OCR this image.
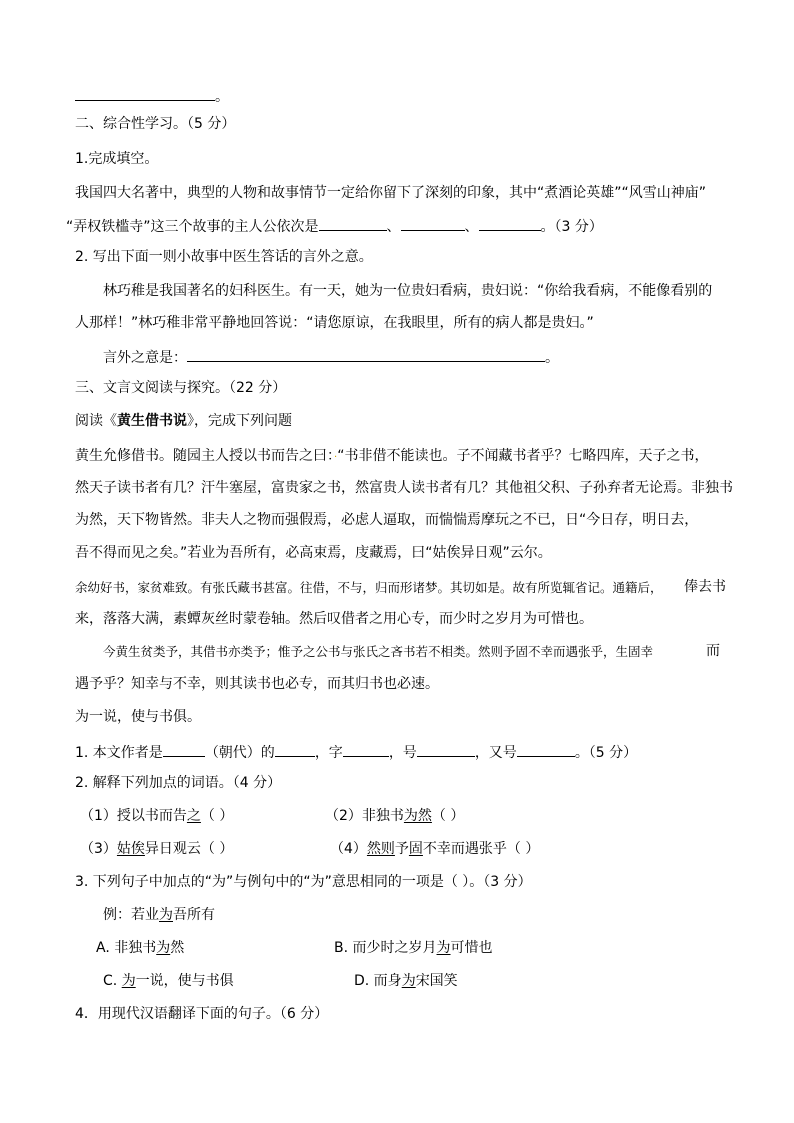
。
二、综合性学习。（5 分）
1.完成填空。
我国四大名著中，典型的人物和故事情节一定给你留下了深刻的印象，其中“煮酒论英雄”“风雪山神庙”
“弄权铁槛寺”这三个故事的主人公依次是	、	、	。（3 分）
2. 写出下面一则小故事中医生答话的言外之意。
林巧稚是我国著名的妇科医生。有一天，她为一位贵妇看病，贵妇说：“你给我看病，不能像看别的
人那样！”林巧稚非常平静地回答说：“请您原谅，在我眼里，所有的病人都是贵妇。”
言外之意是：	。
三、文言文阅读与探究。（22 分）
阅读《黄生借书说》，完成下列问题
黄生允修借书。随园主人授以书而告之曰：·“书非借不能读也。子不闻藏书者乎？七略四库，天子之书，
然天子读书者有几？汗牛塞屋，富贵家之书，然富贵人读书者有几？其他祖父积、子孙弃者无论焉。非独书
为然，天下物皆然。非夫人之物而强假焉，必虑人逼取，而惴惴焉摩玩之不已，日“今日存，明日去，
吾不得而见之矣。”若业为吾所有，必高束焉，庋藏焉，曰“姑俟异日观”云尔。
余幼好书，家贫难致。有张氏藏书甚富。往借，不与，归而形诸梦。其切如是。故有所览辄省记。通籍后， 俸去书
来，落落大满，素蟫灰丝时蒙卷轴。然后叹借者之用心专，而少时之岁月为可惜也。
今黄生贫类予，其借书亦类予；惟予之公书与张氏之吝书若不相类。然则予固不幸而遇张乎，生固幸	而
遇予乎？知幸与不幸，则其读书也必专，而其归书也必速。
为一说，使与书俱。
1. 本文作者是	（朝代）的	，字	，号	，又号	。（5 分）
2. 解释下列加点的词语。（4 分）
（1）授以书而告之（ ）	（2）非独书为然（ ）
（3）姑俟异日观云（ ）	（4）然则予固不幸而遇张乎（ ）
3. 下列句子中加点的“为”与例句中的“为”意思相同的一项是（ ）。（3 分）
例：若业为吾所有
A. 非独书为然	B. 而少时之岁月为可惜也
C. 为一说，使与书俱	D. 而身为宋国笑
4．用现代汉语翻译下面的句子。（6 分）
